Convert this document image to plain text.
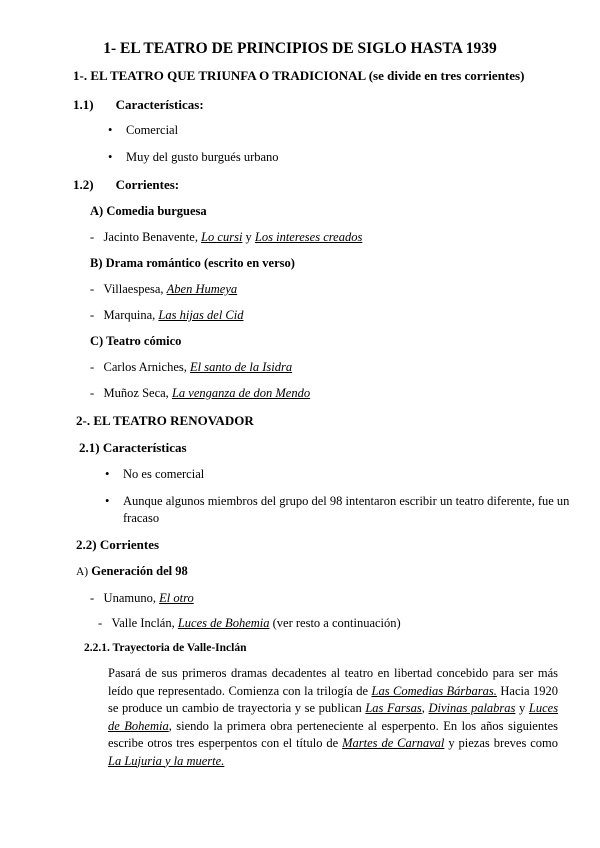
1- EL TEATRO DE PRINCIPIOS DE SIGLO HASTA 1939
1-. EL TEATRO QUE TRIUNFA O TRADICIONAL (se divide en tres corrientes)
1.1) Características:
• Comercial
• Muy del gusto burgués urbano
1.2) Corrientes:
A) Comedia burguesa
- Jacinto Benavente, Lo cursi y Los intereses creados
B) Drama romántico (escrito en verso)
- Villaespesa, Aben Humeya
- Marquina, Las hijas del Cid
C) Teatro cómico
- Carlos Arniches, El santo de la Isidra
- Muñoz Seca, La venganza de don Mendo
2-. EL TEATRO RENOVADOR
2.1) Características
• No es comercial
• Aunque algunos miembros del grupo del 98 intentaron escribir un teatro diferente, fue un
fracaso
2.2) Corrientes
A) Generación del 98
- Unamuno, El otro
- Valle Inclán, Luces de Bohemia (ver resto a continuación)
2.2.1. Trayectoria de Valle-Inclán
Pasará de sus primeros dramas decadentes al teatro en libertad concebido para ser más leído que representado. Comienza con la trilogía de Las Comedias Bárbaras. Hacia 1920 se produce un cambio de trayectoria y se publican Las Farsas, Divinas palabras y Luces de Bohemia, siendo la primera obra perteneciente al esperpento. En los años siguientes escribe otros tres esperpentos con el título de Martes de Carnaval y piezas breves como La Lujuria y la muerte.
